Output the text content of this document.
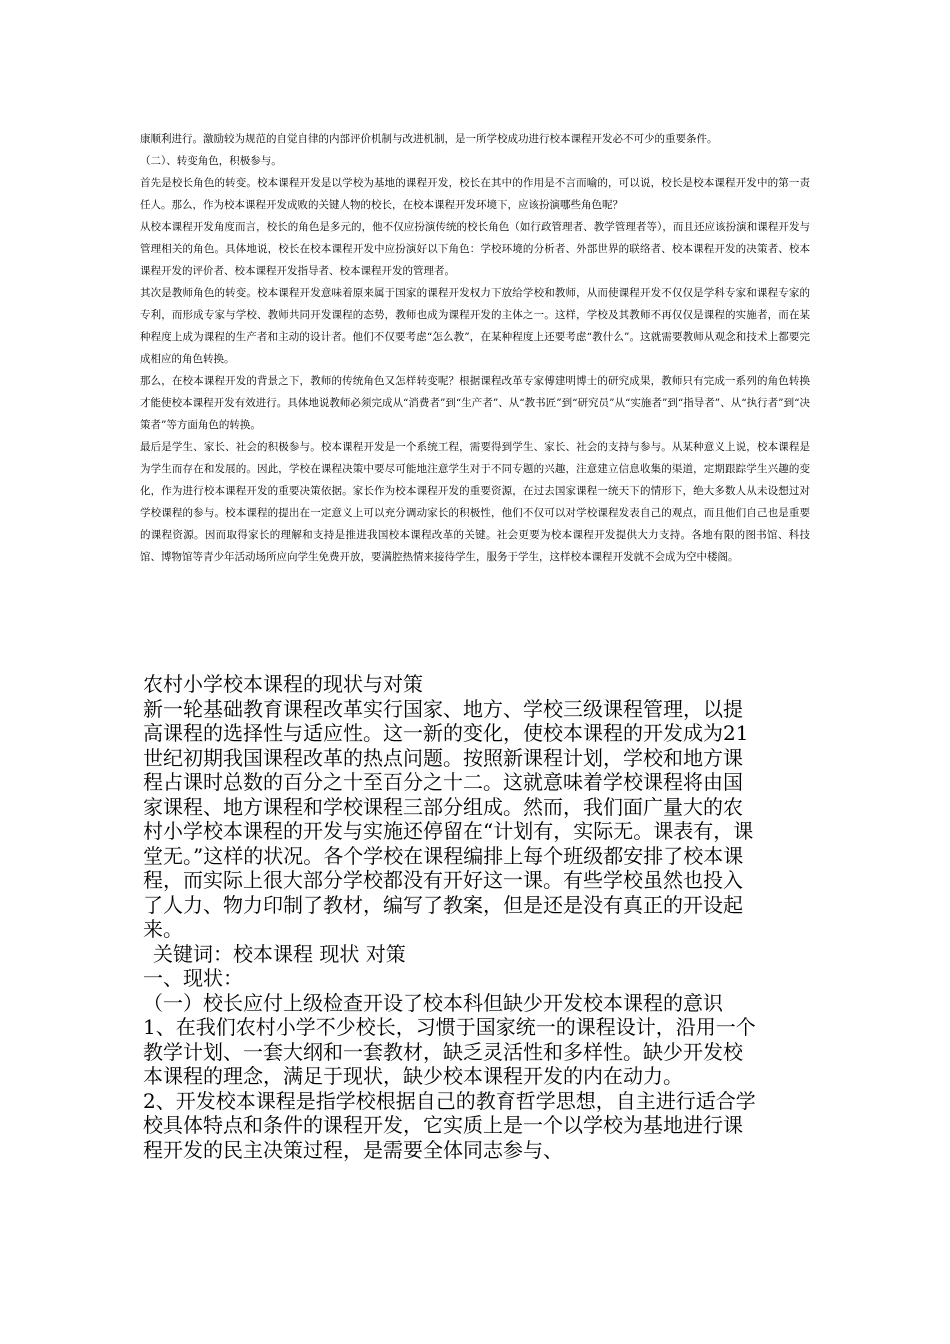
康顺利进行。激励较为规范的自觉自律的内部评价机制与改进机制，是一所学校成功进行校本课程开发必不可少的重要条件。

（二）、转变角色，积极参与。

首先是校长角色的转变。校本课程开发是以学校为基地的课程开发，校长在其中的作用是不言而喻的，可以说，校长是校本课程开发中的第一责任人。那么，作为校本课程开发成败的关键人物的校长，在校本课程开发环境下，应该扮演哪些角色呢？

从校本课程开发角度而言，校长的角色是多元的，他不仅应扮演传统的校长角色（如行政管理者、教学管理者等），而且还应该扮演和课程开发与管理相关的角色。具体地说，校长在校本课程开发中应扮演好以下角色：学校环境的分析者、外部世界的联络者、校本课程开发的决策者、校本课程开发的评价者、校本课程开发指导者、校本课程开发的管理者。

其次是教师角色的转变。校本课程开发意味着原来属于国家的课程开发权力下放给学校和教师，从而使课程开发不仅仅是学科专家和课程专家的专利，而形成专家与学校、教师共同开发课程的态势，教师也成为课程开发的主体之一。这样，学校及其教师不再仅仅是课程的实施者，而在某种程度上成为课程的生产者和主动的设计者。他们不仅要考虑“怎么教”，在某种程度上还要考虑“教什么”。这就需要教师从观念和技术上都要完成相应的角色转换。

那么，在校本课程开发的背景之下，教师的传统角色又怎样转变呢？根据课程改革专家傅建明博士的研究成果，教师只有完成一系列的角色转换才能使校本课程开发有效进行。具体地说教师必须完成从“消费者”到“生产者”、从“教书匠”到“研究员”从“实施者”到“指导者”、从“执行者”到“决策者”等方面角色的转换。

最后是学生、家长、社会的积极参与。校本课程开发是一个系统工程，需要得到学生、家长、社会的支持与参与。从某种意义上说，校本课程是为学生而存在和发展的。因此，学校在课程决策中要尽可能地注意学生对于不同专题的兴趣，注意建立信息收集的渠道，定期跟踪学生兴趣的变化，作为进行校本课程开发的重要决策依据。家长作为校本课程开发的重要资源，在过去国家课程一统天下的情形下，绝大多数人从未设想过对学校课程的参与。校本课程的提出在一定意义上可以充分调动家长的积极性，他们不仅可以对学校课程发表自己的观点，而且他们自己也是重要的课程资源。因而取得家长的理解和支持是推进我国校本课程改革的关键。社会更要为校本课程开发提供大力支持。各地有限的图书馆、科技馆、博物馆等青少年活动场所应向学生免费开放，要满腔热情来接待学生，服务于学生，这样校本课程开发就不会成为空中楼阁。

农村小学校本课程的现状与对策

新一轮基础教育课程改革实行国家、地方、学校三级课程管理，以提高课程的选择性与适应性。这一新的变化，使校本课程的开发成为21世纪初期我国课程改革的热点问题。按照新课程计划，学校和地方课程占课时总数的百分之十至百分之十二。这就意味着学校课程将由国家课程、地方课程和学校课程三部分组成。然而，我们面广量大的农村小学校本课程的开发与实施还停留在“计划有，实际无。课表有，课堂无。”这样的状况。各个学校在课程编排上每个班级都安排了校本课程，而实际上很大部分学校都没有开好这一课。有些学校虽然也投入了人力、物力印制了教材，编写了教案，但是还是没有真正的开设起来。

关键词：校本课程 现状 对策

一、现状：

（一）校长应付上级检查开设了校本科但缺少开发校本课程的意识

1、在我们农村小学不少校长，习惯于国家统一的课程设计，沿用一个教学计划、一套大纲和一套教材，缺乏灵活性和多样性。缺少开发校本课程的理念，满足于现状，缺少校本课程开发的内在动力。

2、开发校本课程是指学校根据自己的教育哲学思想，自主进行适合学校具体特点和条件的课程开发，它实质上是一个以学校为基地进行课程开发的民主决策过程，是需要全体同志参与、
